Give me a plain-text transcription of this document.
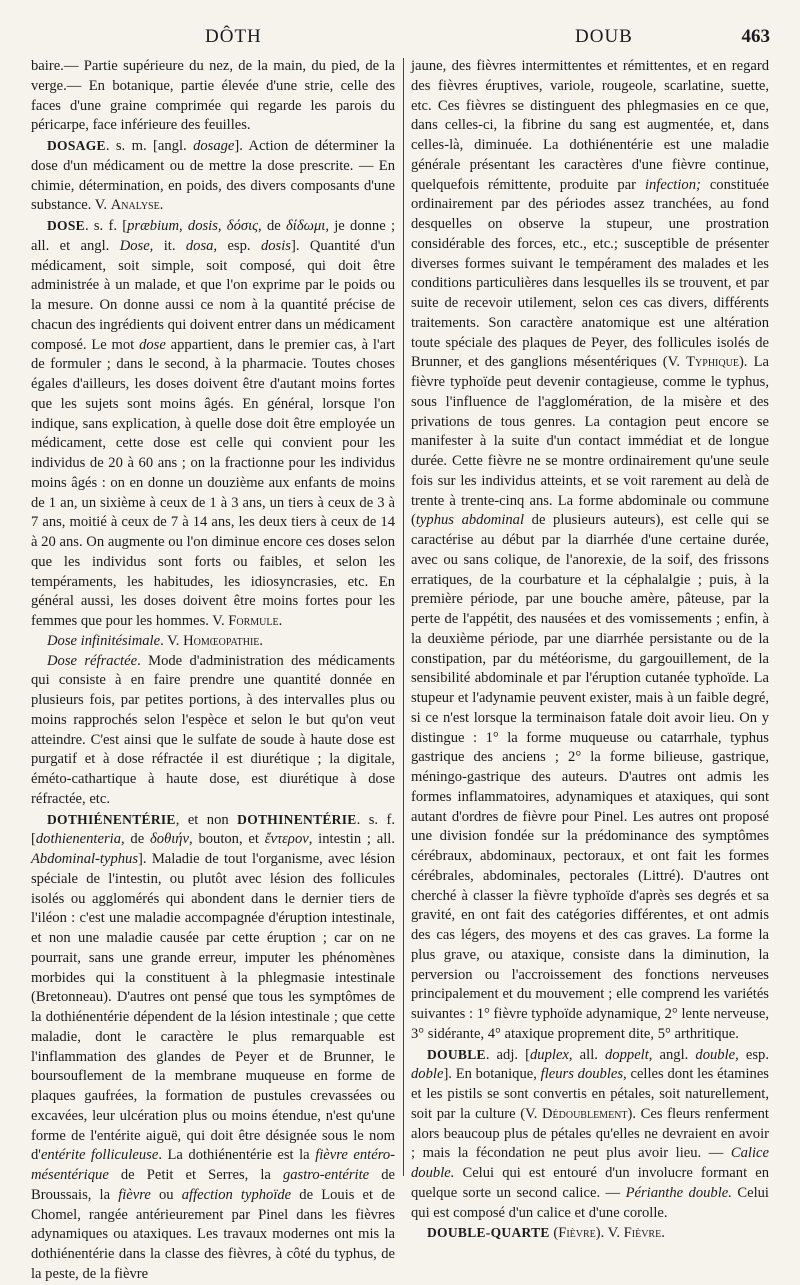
DÔTH	DOUB	463

baire.— Partie supérieure du nez, de la main, du pied, de la verge.— En botanique, partie élevée d'une strie, celle des faces d'une graine comprimée qui regarde les parois du péricarpe, face inférieure des feuilles.

DOSAGE. s. m. [angl. dosage]. Action de déterminer la dose d'un médicament ou de mettre la dose prescrite. — En chimie, détermination, en poids, des divers composants d'une substance. V. Analyse.

DOSE. s. f. [præbium, dosis, δόσις, de δίδωμι, je donne ; all. et angl. Dose, it. dosa, esp. dosis]. Quantité d'un médicament, soit simple, soit composé, qui doit être administrée à un malade, et que l'on exprime par le poids ou la mesure. On donne aussi ce nom à la quantité précise de chacun des ingrédients qui doivent entrer dans un médicament composé. Le mot dose appartient, dans le premier cas, à l'art de formuler ; dans le second, à la pharmacie. Toutes choses égales d'ailleurs, les doses doivent être d'autant moins fortes que les sujets sont moins âgés. En général, lorsque l'on indique, sans explication, à quelle dose doit être employée un médicament, cette dose est celle qui convient pour les individus de 20 à 60 ans ; on la fractionne pour les individus moins âgés : on en donne un douzième aux enfants de moins de 1 an, un sixième à ceux de 1 à 3 ans, un tiers à ceux de 3 à 7 ans, moitié à ceux de 7 à 14 ans, les deux tiers à ceux de 14 à 20 ans. On augmente ou l'on diminue encore ces doses selon que les individus sont forts ou faibles, et selon les tempéraments, les habitudes, les idiosyncrasies, etc. En général aussi, les doses doivent être moins fortes pour les femmes que pour les hommes. V. Formule.

Dose infinitésimale. V. Homœopathie.

Dose réfractée. Mode d'administration des médicaments qui consiste à en faire prendre une quantité donnée en plusieurs fois, par petites portions, à des intervalles plus ou moins rapprochés selon l'espèce et selon le but qu'on veut atteindre. C'est ainsi que le sulfate de soude à haute dose est purgatif et à dose réfractée il est diurétique ; la digitale, éméto-cathartique à haute dose, est diurétique à dose réfractée, etc.

DOTHIÉNENTÉRIE, et non DOTHINENTÉRIE. s. f. [dothienenteria, de δοθιήν, bouton, et ἔντερον, intestin ; all. Abdominal-typhus]. Maladie de tout l'organisme, avec lésion spéciale de l'intestin, ou plutôt avec lésion des follicules isolés ou agglomérés qui abondent dans le dernier tiers de l'iléon : c'est une maladie accompagnée d'éruption intestinale, et non une maladie causée par cette éruption ; car on ne pourrait, sans une grande erreur, imputer les phénomènes morbides qui la constituent à la phlegmasie intestinale (Bretonneau). D'autres ont pensé que tous les symptômes de la dothiénentérie dépendent de la lésion intestinale ; que cette maladie, dont le caractère le plus remarquable est l'inflammation des glandes de Peyer et de Brunner, le boursouflement de la membrane muqueuse en forme de plaques gaufrées, la formation de pustules crevassées ou excavées, leur ulcération plus ou moins étendue, n'est qu'une forme de l'entérite aiguë, qui doit être désignée sous le nom d'entérite folliculeuse. La dothiénentérie est la fièvre entéro-mésentérique de Petit et Serres, la gastro-entérite de Broussais, la fièvre ou affection typhoïde de Louis et de Chomel, rangée antérieurement par Pinel dans les fièvres adynamiques ou ataxiques. Les travaux modernes ont mis la dothiénentérie dans la classe des fièvres, à côté du typhus, de la peste, de la fièvre

jaune, des fièvres intermittentes et rémittentes, et en regard des fièvres éruptives, variole, rougeole, scarlatine, suette, etc. Ces fièvres se distinguent des phlegmasies en ce que, dans celles-ci, la fibrine du sang est augmentée, et, dans celles-là, diminuée. La dothiénentérie est une maladie générale présentant les caractères d'une fièvre continue, quelquefois rémittente, produite par infection; constituée ordinairement par des périodes assez tranchées, au fond desquelles on observe la stupeur, une prostration considérable des forces, etc., etc.; susceptible de présenter diverses formes suivant le tempérament des malades et les conditions particulières dans lesquelles ils se trouvent, et par suite de recevoir utilement, selon ces cas divers, différents traitements. Son caractère anatomique est une altération toute spéciale des plaques de Peyer, des follicules isolés de Brunner, et des ganglions mésentériques (V. Typhique). La fièvre typhoïde peut devenir contagieuse, comme le typhus, sous l'influence de l'agglomération, de la misère et des privations de tous genres. La contagion peut encore se manifester à la suite d'un contact immédiat et de longue durée. Cette fièvre ne se montre ordinairement qu'une seule fois sur les individus atteints, et se voit rarement au delà de trente à trente-cinq ans. La forme abdominale ou commune (typhus abdominal de plusieurs auteurs), est celle qui se caractérise au début par la diarrhée d'une certaine durée, avec ou sans colique, de l'anorexie, de la soif, des frissons erratiques, de la courbature et la céphalalgie ; puis, à la première période, par une bouche amère, pâteuse, par la perte de l'appétit, des nausées et des vomissements ; enfin, à la deuxième période, par une diarrhée persistante ou de la constipation, par du météorisme, du gargouillement, de la sensibilité abdominale et par l'éruption cutanée typhoïde. La stupeur et l'adynamie peuvent exister, mais à un faible degré, si ce n'est lorsque la terminaison fatale doit avoir lieu. On y distingue : 1° la forme muqueuse ou catarrhale, typhus gastrique des anciens ; 2° la forme bilieuse, gastrique, méningo-gastrique des auteurs. D'autres ont admis les formes inflammatoires, adynamiques et ataxiques, qui sont autant d'ordres de fièvre pour Pinel. Les autres ont proposé une division fondée sur la prédominance des symptômes cérébraux, abdominaux, pectoraux, et ont fait les formes cérébrales, abdominales, pectorales (Littré). D'autres ont cherché à classer la fièvre typhoïde d'après ses degrés et sa gravité, en ont fait des catégories différentes, et ont admis des cas légers, des moyens et des cas graves. La forme la plus grave, ou ataxique, consiste dans la diminution, la perversion ou l'accroissement des fonctions nerveuses principalement et du mouvement ; elle comprend les variétés suivantes : 1° fièvre typhoïde adynamique, 2° lente nerveuse, 3° sidérante, 4° ataxique proprement dite, 5° arthritique.

DOUBLE. adj. [duplex, all. doppelt, angl. double, esp. doble]. En botanique, fleurs doubles, celles dont les étamines et les pistils se sont convertis en pétales, soit naturellement, soit par la culture (V. Dédoublement). Ces fleurs renferment alors beaucoup plus de pétales qu'elles ne devraient en avoir ; mais la fécondation ne peut plus avoir lieu. — Calice double. Celui qui est entouré d'un involucre formant en quelque sorte un second calice. — Périanthe double. Celui qui est composé d'un calice et d'une corolle.

DOUBLE-QUARTE (Fièvre). V. Fièvre.
